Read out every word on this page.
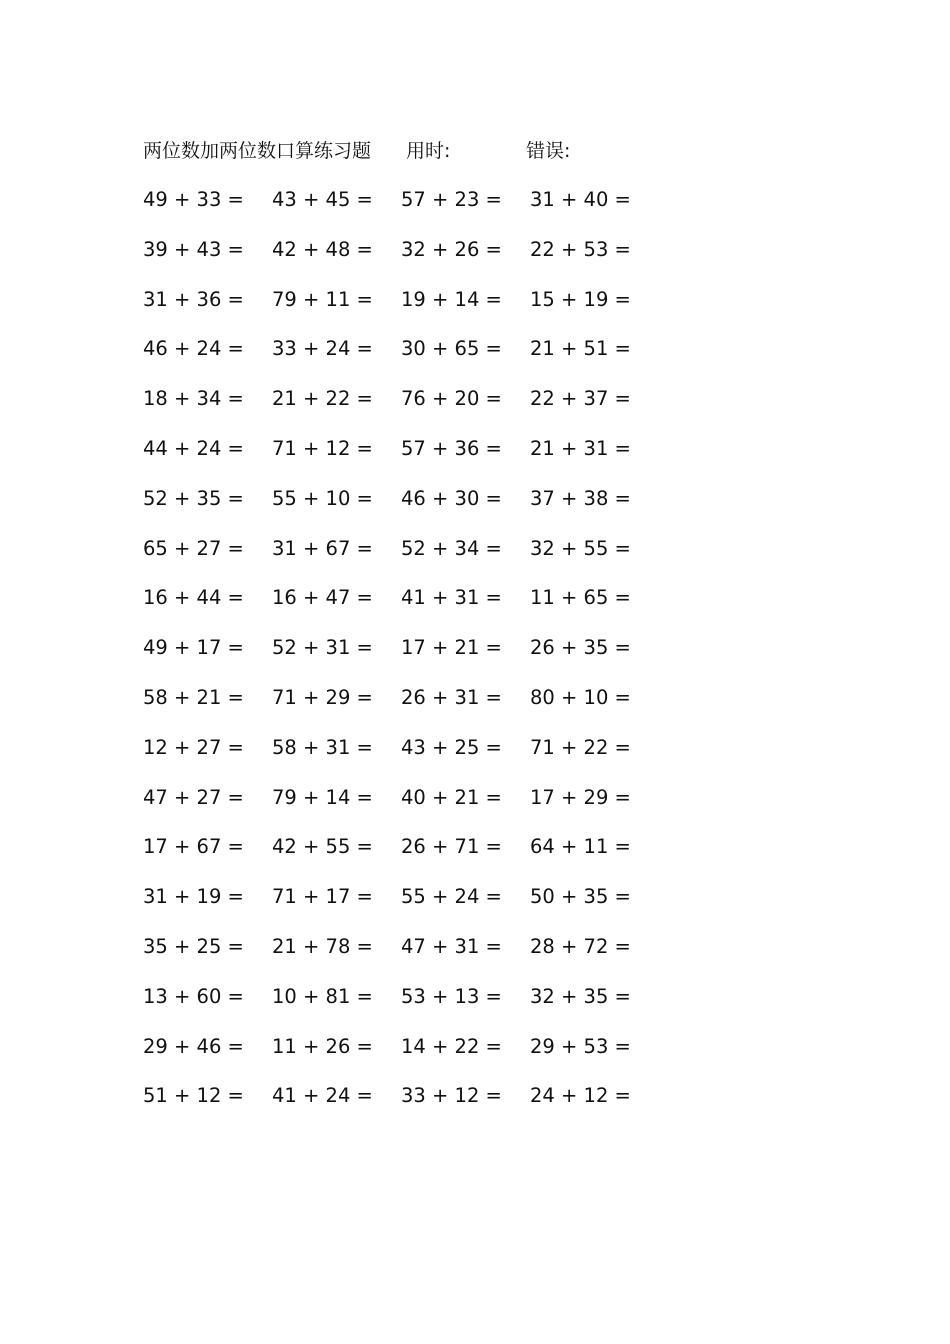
两位数加两位数口算练习题 用时:	错误:
49 + 33 = 43 + 45 = 57 + 23 = 31 + 40 =
39 + 43 = 42 + 48 = 32 + 26 = 22 + 53 =
31 + 36 = 79 + 11 = 19 + 14 = 15 + 19 =
46 + 24 = 33 + 24 = 30 + 65 = 21 + 51 =
18 + 34 = 21 + 22 = 76 + 20 = 22 + 37 =
44 + 24 = 71 + 12 = 57 + 36 = 21 + 31 =
52 + 35 = 55 + 10 = 46 + 30 = 37 + 38 =
65 + 27 = 31 + 67 = 52 + 34 = 32 + 55 =
16 + 44 = 16 + 47 = 41 + 31 = 11 + 65 =
49 + 17 = 52 + 31 = 17 + 21 = 26 + 35 =
58 + 21 = 71 + 29 = 26 + 31 = 80 + 10 =
12 + 27 = 58 + 31 = 43 + 25 = 71 + 22 =
47 + 27 = 79 + 14 = 40 + 21 = 17 + 29 =
17 + 67 = 42 + 55 = 26 + 71 = 64 + 11 =
31 + 19 = 71 + 17 = 55 + 24 = 50 + 35 =
35 + 25 = 21 + 78 = 47 + 31 = 28 + 72 =
13 + 60 = 10 + 81 = 53 + 13 = 32 + 35 =
29 + 46 = 11 + 26 = 14 + 22 = 29 + 53 =
51 + 12 = 41 + 24 = 33 + 12 = 24 + 12 =
